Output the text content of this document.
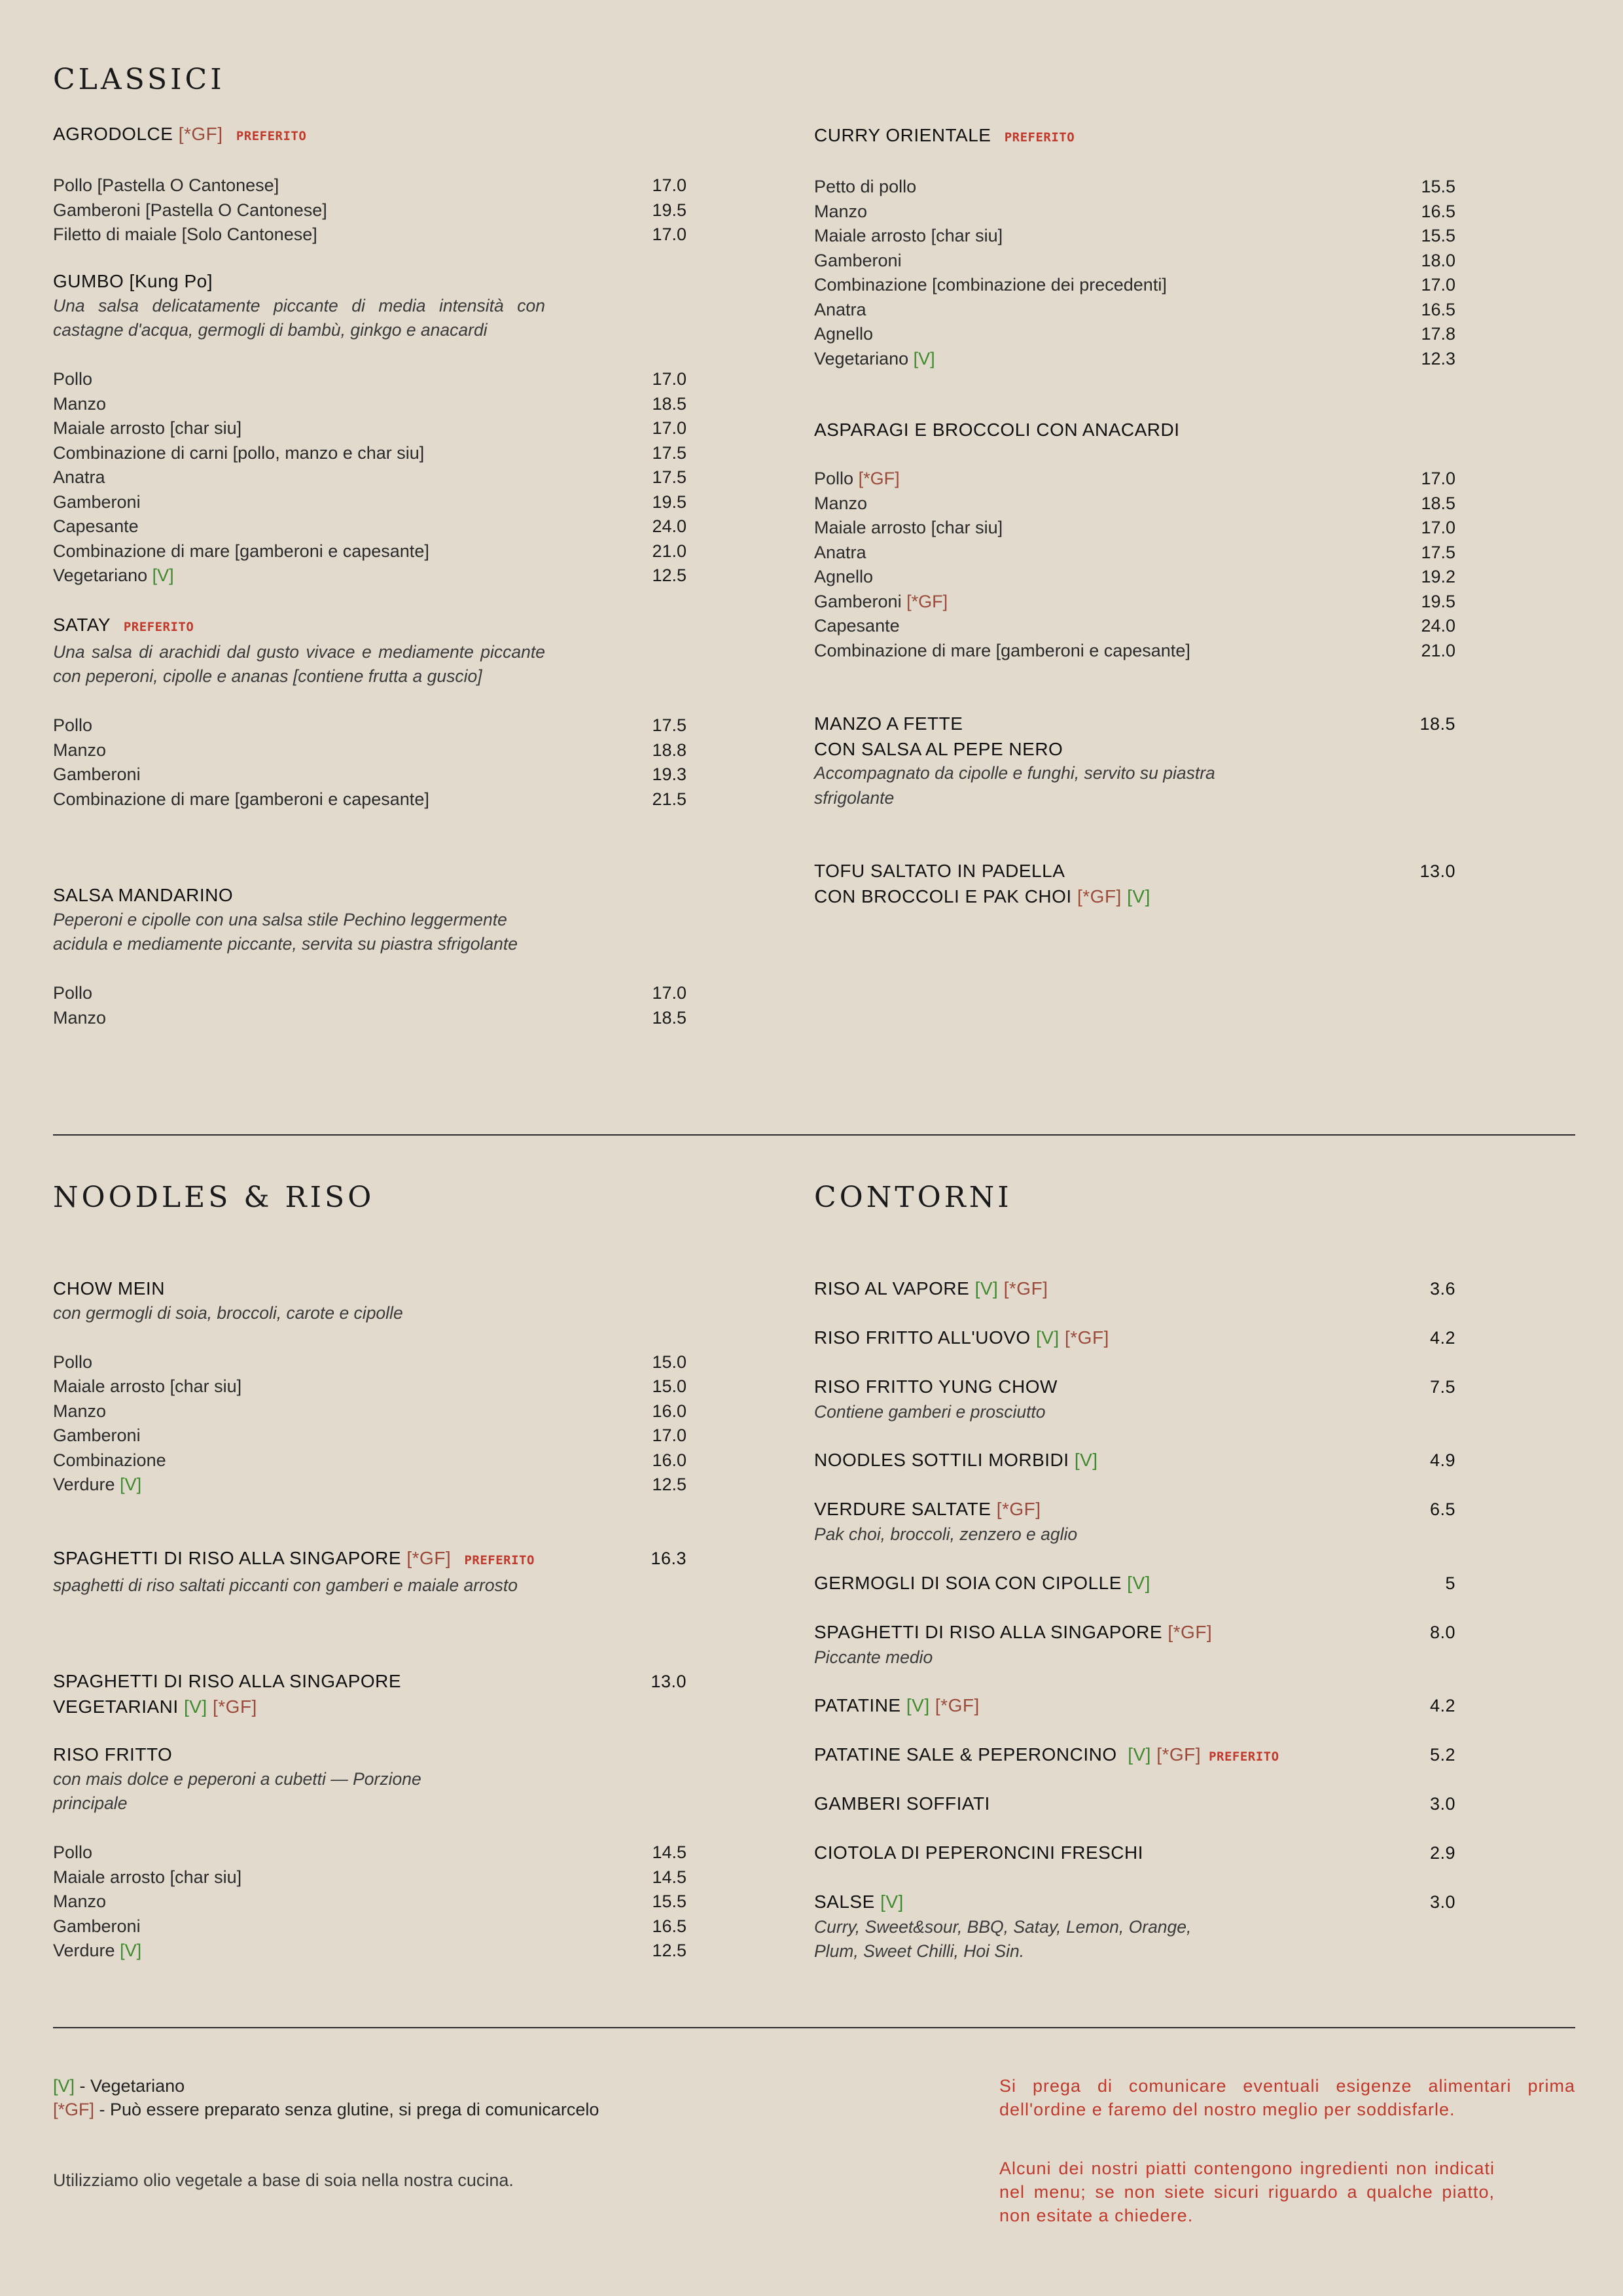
CLASSICI
AGRODOLCE [*GF] PREFERITO
Pollo [Pastella O Cantonese]	17.0
Gamberoni [Pastella O Cantonese]	19.5
Filetto di maiale [Solo Cantonese]	17.0
GUMBO [Kung Po]
Una salsa delicatamente piccante di media intensità con castagne d'acqua, germogli di bambù, ginkgo e anacardi
Pollo	17.0
Manzo	18.5
Maiale arrosto [char siu]	17.0
Combinazione di carni [pollo, manzo e char siu]	17.5
Anatra	17.5
Gamberoni	19.5
Capesante	24.0
Combinazione di mare [gamberoni e capesante]	21.0
Vegetariano [V]	12.5
SATAY PREFERITO
Una salsa di arachidi dal gusto vivace e mediamente piccante con peperoni, cipolle e ananas [contiene frutta a guscio]
Pollo	17.5
Manzo	18.8
Gamberoni	19.3
Combinazione di mare [gamberoni e capesante]	21.5
SALSA MANDARINO
Peperoni e cipolle con una salsa stile Pechino leggermente acidula e mediamente piccante, servita su piastra sfrigolante
Pollo	17.0
Manzo	18.5
CURRY ORIENTALE PREFERITO
Petto di pollo	15.5
Manzo	16.5
Maiale arrosto [char siu]	15.5
Gamberoni	18.0
Combinazione [combinazione dei precedenti]	17.0
Anatra	16.5
Agnello	17.8
Vegetariano [V]	12.3
ASPARAGI E BROCCOLI CON ANACARDI
Pollo [*GF]	17.0
Manzo	18.5
Maiale arrosto [char siu]	17.0
Anatra	17.5
Agnello	19.2
Gamberoni [*GF]	19.5
Capesante	24.0
Combinazione di mare [gamberoni e capesante]	21.0
MANZO A FETTE	18.5
CON SALSA AL PEPE NERO
Accompagnato da cipolle e funghi, servito su piastra sfrigolante
TOFU SALTATO IN PADELLA	13.0
CON BROCCOLI E PAK CHOI [*GF] [V]
NOODLES & RISO
CHOW MEIN
con germogli di soia, broccoli, carote e cipolle
Pollo	15.0
Maiale arrosto [char siu]	15.0
Manzo	16.0
Gamberoni	17.0
Combinazione	16.0
Verdure [V]	12.5
SPAGHETTI DI RISO ALLA SINGAPORE [*GF] PREFERITO	16.3
spaghetti di riso saltati piccanti con gamberi e maiale arrosto
SPAGHETTI DI RISO ALLA SINGAPORE	13.0
VEGETARIANI [V] [*GF]
RISO FRITTO
con mais dolce e peperoni a cubetti — Porzione principale
Pollo	14.5
Maiale arrosto [char siu]	14.5
Manzo	15.5
Gamberoni	16.5
Verdure [V]	12.5
CONTORNI
RISO AL VAPORE [V] [*GF]	3.6
RISO FRITTO ALL'UOVO [V] [*GF]	4.2
RISO FRITTO YUNG CHOW	7.5
Contiene gamberi e prosciutto
NOODLES SOTTILI MORBIDI [V]	4.9
VERDURE SALTATE [*GF]	6.5
Pak choi, broccoli, zenzero e aglio
GERMOGLI DI SOIA CON CIPOLLE [V]	5
SPAGHETTI DI RISO ALLA SINGAPORE [*GF]	8.0
Piccante medio
PATATINE [V] [*GF]	4.2
PATATINE SALE & PEPERONCINO [V] [*GF] PREFERITO	5.2
GAMBERI SOFFIATI	3.0
CIOTOLA DI PEPERONCINI FRESCHI	2.9
SALSE [V]	3.0
Curry, Sweet&sour, BBQ, Satay, Lemon, Orange,
Plum, Sweet Chilli, Hoi Sin.
[V] - Vegetariano
[*GF] - Può essere preparato senza glutine, si prega di comunicarcelo
Utilizziamo olio vegetale a base di soia nella nostra cucina.
Si prega di comunicare eventuali esigenze alimentari prima dell'ordine e faremo del nostro meglio per soddisfarle.
Alcuni dei nostri piatti contengono ingredienti non indicati nel menu; se non siete sicuri riguardo a qualche piatto, non esitate a chiedere.
